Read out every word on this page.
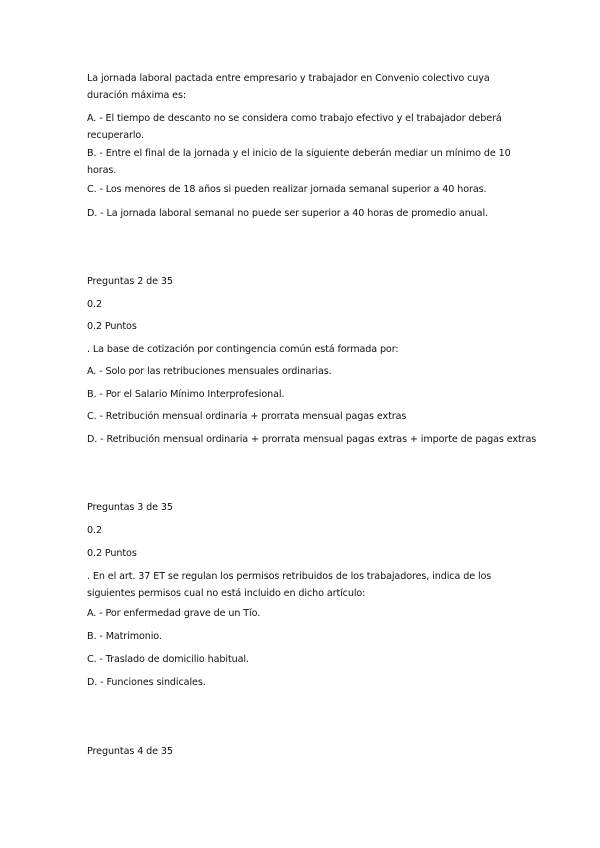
La jornada laboral pactada entre empresario y trabajador en Convenio colectivo cuya duración máxima es:
A. - El tiempo de descanto no se considera como trabajo efectivo y el trabajador deberá recuperarlo.
B. - Entre el final de la jornada y el inicio de la siguiente deberán mediar un mínimo de 10 horas.
C. - Los menores de 18 años si pueden realizar jornada semanal superior a 40 horas.
D. - La jornada laboral semanal no puede ser superior a 40 horas de promedio anual.
Preguntas 2 de 35
0.2
0.2 Puntos
. La base de cotización por contingencia común está formada por:
A. - Solo por las retribuciones mensuales ordinarias.
B. - Por el Salario Mínimo Interprofesional.
C. - Retribución mensual ordinaria + prorrata mensual pagas extras
D. - Retribución mensual ordinaria + prorrata mensual pagas extras + importe de pagas extras
Preguntas 3 de 35
0.2
0.2 Puntos
. En el art. 37 ET se regulan los permisos retribuidos de los trabajadores, indica de los siguientes permisos cual no está incluido en dicho artículo:
A. - Por enfermedad grave de un Tío.
B. - Matrimonio.
C. - Traslado de domicilio habitual.
D. - Funciones sindicales.
Preguntas 4 de 35
